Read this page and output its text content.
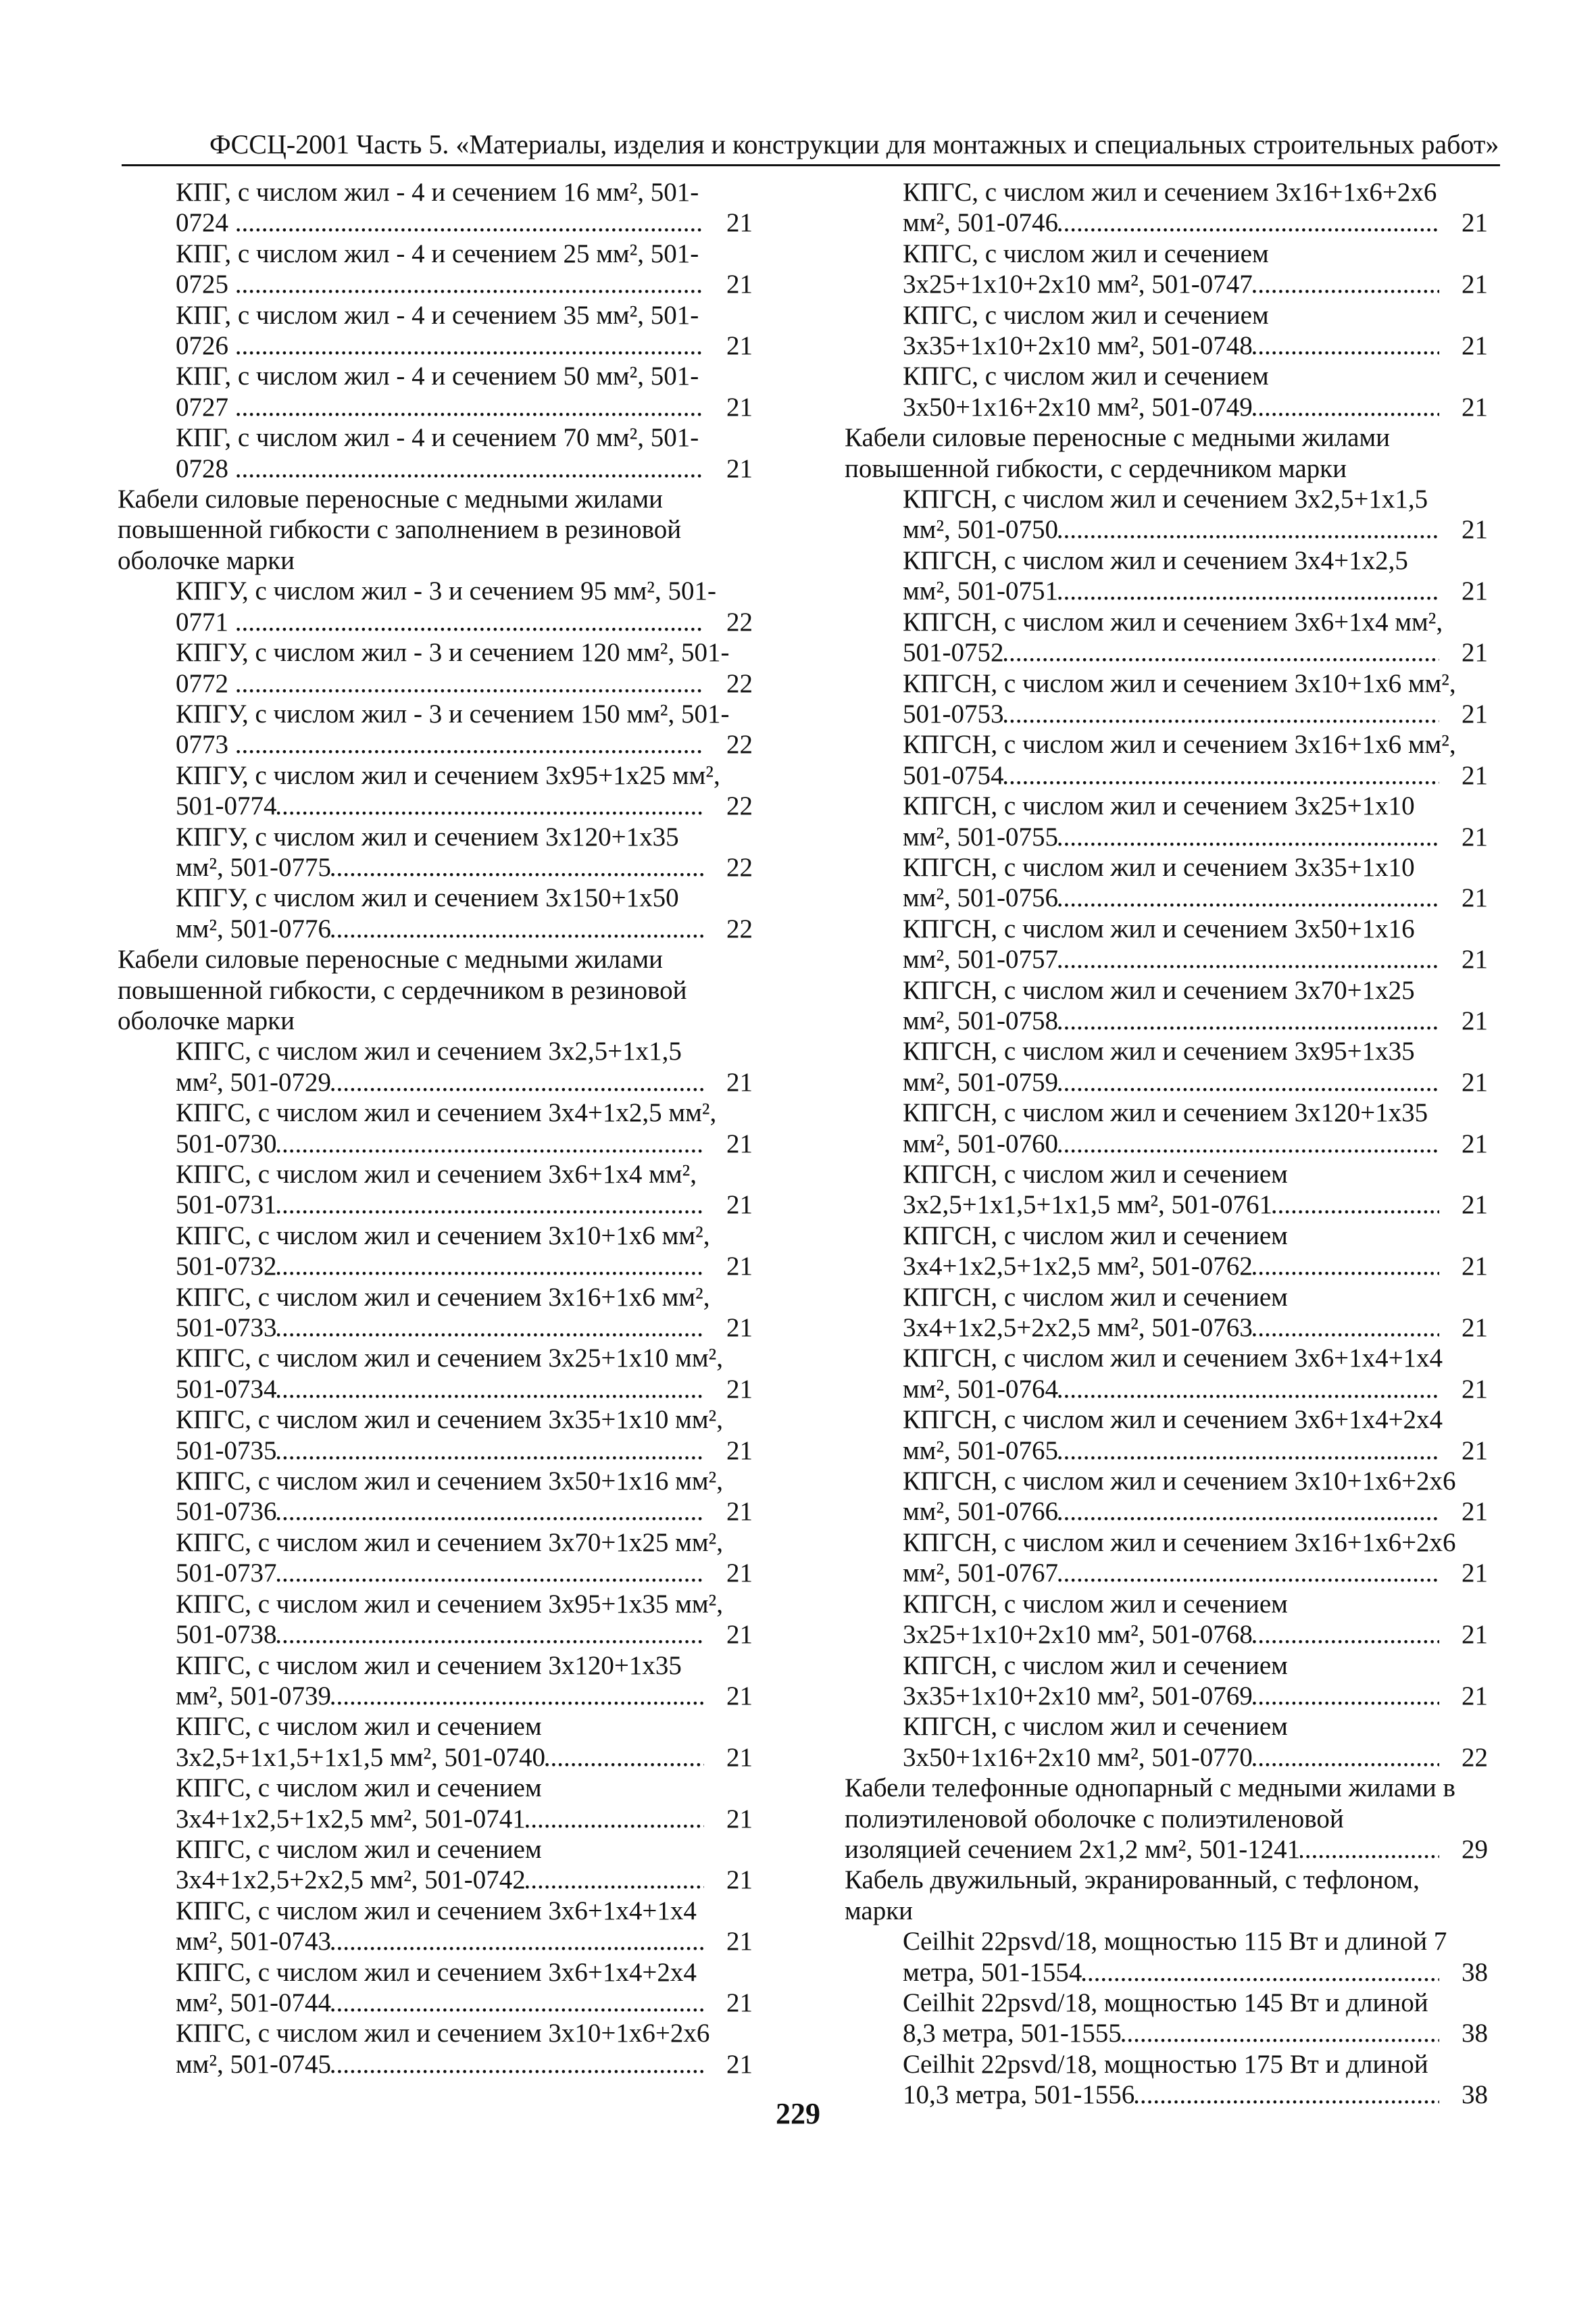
ФССЦ-2001 Часть 5. «Материалы, изделия и конструкции для монтажных и специальных строительных работ»
КПГ, с числом жил - 4 и сечением 16 мм², 501-
0724 .....	21
КПГ, с числом жил - 4 и сечением 25 мм², 501-
0725 .....	21
КПГ, с числом жил - 4 и сечением 35 мм², 501-
0726 .....	21
КПГ, с числом жил - 4 и сечением 50 мм², 501-
0727 .....	21
КПГ, с числом жил - 4 и сечением 70 мм², 501-
0728 .....	21
Кабели силовые переносные с медными жилами
повышенной гибкости с заполнением в резиновой
оболочке марки
КПГУ, с числом жил - 3 и сечением 95 мм², 501-
0771 .....	22
КПГУ, с числом жил - 3 и сечением 120 мм², 501-
0772 .....	22
КПГУ, с числом жил - 3 и сечением 150 мм², 501-
0773 .....	22
КПГУ, с числом жил и сечением 3x95+1x25 мм²,
501-0774 .....	22
КПГУ, с числом жил и сечением 3x120+1x35
мм², 501-0775 .....	22
КПГУ, с числом жил и сечением 3x150+1x50
мм², 501-0776 .....	22
Кабели силовые переносные с медными жилами
повышенной гибкости, с сердечником в резиновой
оболочке марки
КПГС, с числом жил и сечением 3x2,5+1x1,5
мм², 501-0729 .....	21
КПГС, с числом жил и сечением 3x4+1x2,5 мм²,
501-0730 .....	21
КПГС, с числом жил и сечением 3x6+1x4 мм²,
501-0731 .....	21
КПГС, с числом жил и сечением 3x10+1x6 мм²,
501-0732 .....	21
КПГС, с числом жил и сечением 3x16+1x6 мм²,
501-0733 .....	21
КПГС, с числом жил и сечением 3x25+1x10 мм²,
501-0734 .....	21
КПГС, с числом жил и сечением 3x35+1x10 мм²,
501-0735 .....	21
КПГС, с числом жил и сечением 3x50+1x16 мм²,
501-0736 .....	21
КПГС, с числом жил и сечением 3x70+1x25 мм²,
501-0737 .....	21
КПГС, с числом жил и сечением 3x95+1x35 мм²,
501-0738 .....	21
КПГС, с числом жил и сечением 3x120+1x35
мм², 501-0739 .....	21
КПГС, с числом жил и сечением
3x2,5+1x1,5+1x1,5 мм², 501-0740 .....	21
КПГС, с числом жил и сечением
3x4+1x2,5+1x2,5 мм², 501-0741 .....	21
КПГС, с числом жил и сечением
3x4+1x2,5+2x2,5 мм², 501-0742 .....	21
КПГС, с числом жил и сечением 3x6+1x4+1x4
мм², 501-0743 .....	21
КПГС, с числом жил и сечением 3x6+1x4+2x4
мм², 501-0744 .....	21
КПГС, с числом жил и сечением 3x10+1x6+2x6
мм², 501-0745 .....	21
КПГС, с числом жил и сечением 3x16+1x6+2x6
мм², 501-0746 .....	21
КПГС, с числом жил и сечением
3x25+1x10+2x10 мм², 501-0747 .....	21
КПГС, с числом жил и сечением
3x35+1x10+2x10 мм², 501-0748 .....	21
КПГС, с числом жил и сечением
3x50+1x16+2x10 мм², 501-0749 .....	21
Кабели силовые переносные с медными жилами
повышенной гибкости, с сердечником марки
КПГСН, с числом жил и сечением 3x2,5+1x1,5
мм², 501-0750 .....	21
КПГСН, с числом жил и сечением 3x4+1x2,5
мм², 501-0751 .....	21
КПГСН, с числом жил и сечением 3x6+1x4 мм²,
501-0752 .....	21
КПГСН, с числом жил и сечением 3x10+1x6 мм²,
501-0753 .....	21
КПГСН, с числом жил и сечением 3x16+1x6 мм²,
501-0754 .....	21
КПГСН, с числом жил и сечением 3x25+1x10
мм², 501-0755 .....	21
КПГСН, с числом жил и сечением 3x35+1x10
мм², 501-0756 .....	21
КПГСН, с числом жил и сечением 3x50+1x16
мм², 501-0757 .....	21
КПГСН, с числом жил и сечением 3x70+1x25
мм², 501-0758 .....	21
КПГСН, с числом жил и сечением 3x95+1x35
мм², 501-0759 .....	21
КПГСН, с числом жил и сечением 3x120+1x35
мм², 501-0760 .....	21
КПГСН, с числом жил и сечением
3x2,5+1x1,5+1x1,5 мм², 501-0761 .....	21
КПГСН, с числом жил и сечением
3x4+1x2,5+1x2,5 мм², 501-0762 .....	21
КПГСН, с числом жил и сечением
3x4+1x2,5+2x2,5 мм², 501-0763 .....	21
КПГСН, с числом жил и сечением 3x6+1x4+1x4
мм², 501-0764 .....	21
КПГСН, с числом жил и сечением 3x6+1x4+2x4
мм², 501-0765 .....	21
КПГСН, с числом жил и сечением 3x10+1x6+2x6
мм², 501-0766 .....	21
КПГСН, с числом жил и сечением 3x16+1x6+2x6
мм², 501-0767 .....	21
КПГСН, с числом жил и сечением
3x25+1x10+2x10 мм², 501-0768 .....	21
КПГСН, с числом жил и сечением
3x35+1x10+2x10 мм², 501-0769 .....	21
КПГСН, с числом жил и сечением
3x50+1x16+2x10 мм², 501-0770 .....	22
Кабели телефонные однопарный с медными жилами в
полиэтиленовой оболочке с полиэтиленовой
изоляцией сечением 2x1,2 мм², 501-1241 .....	29
Кабель двужильный, экранированный, с тефлоном,
марки
Ceilhit 22psvd/18, мощностью 115 Вт и длиной 7
метра, 501-1554 .....	38
Ceilhit 22psvd/18, мощностью 145 Вт и длиной
8,3 метра, 501-1555 .....	38
Ceilhit 22psvd/18, мощностью 175 Вт и длиной
10,3 метра, 501-1556 .....	38
229
